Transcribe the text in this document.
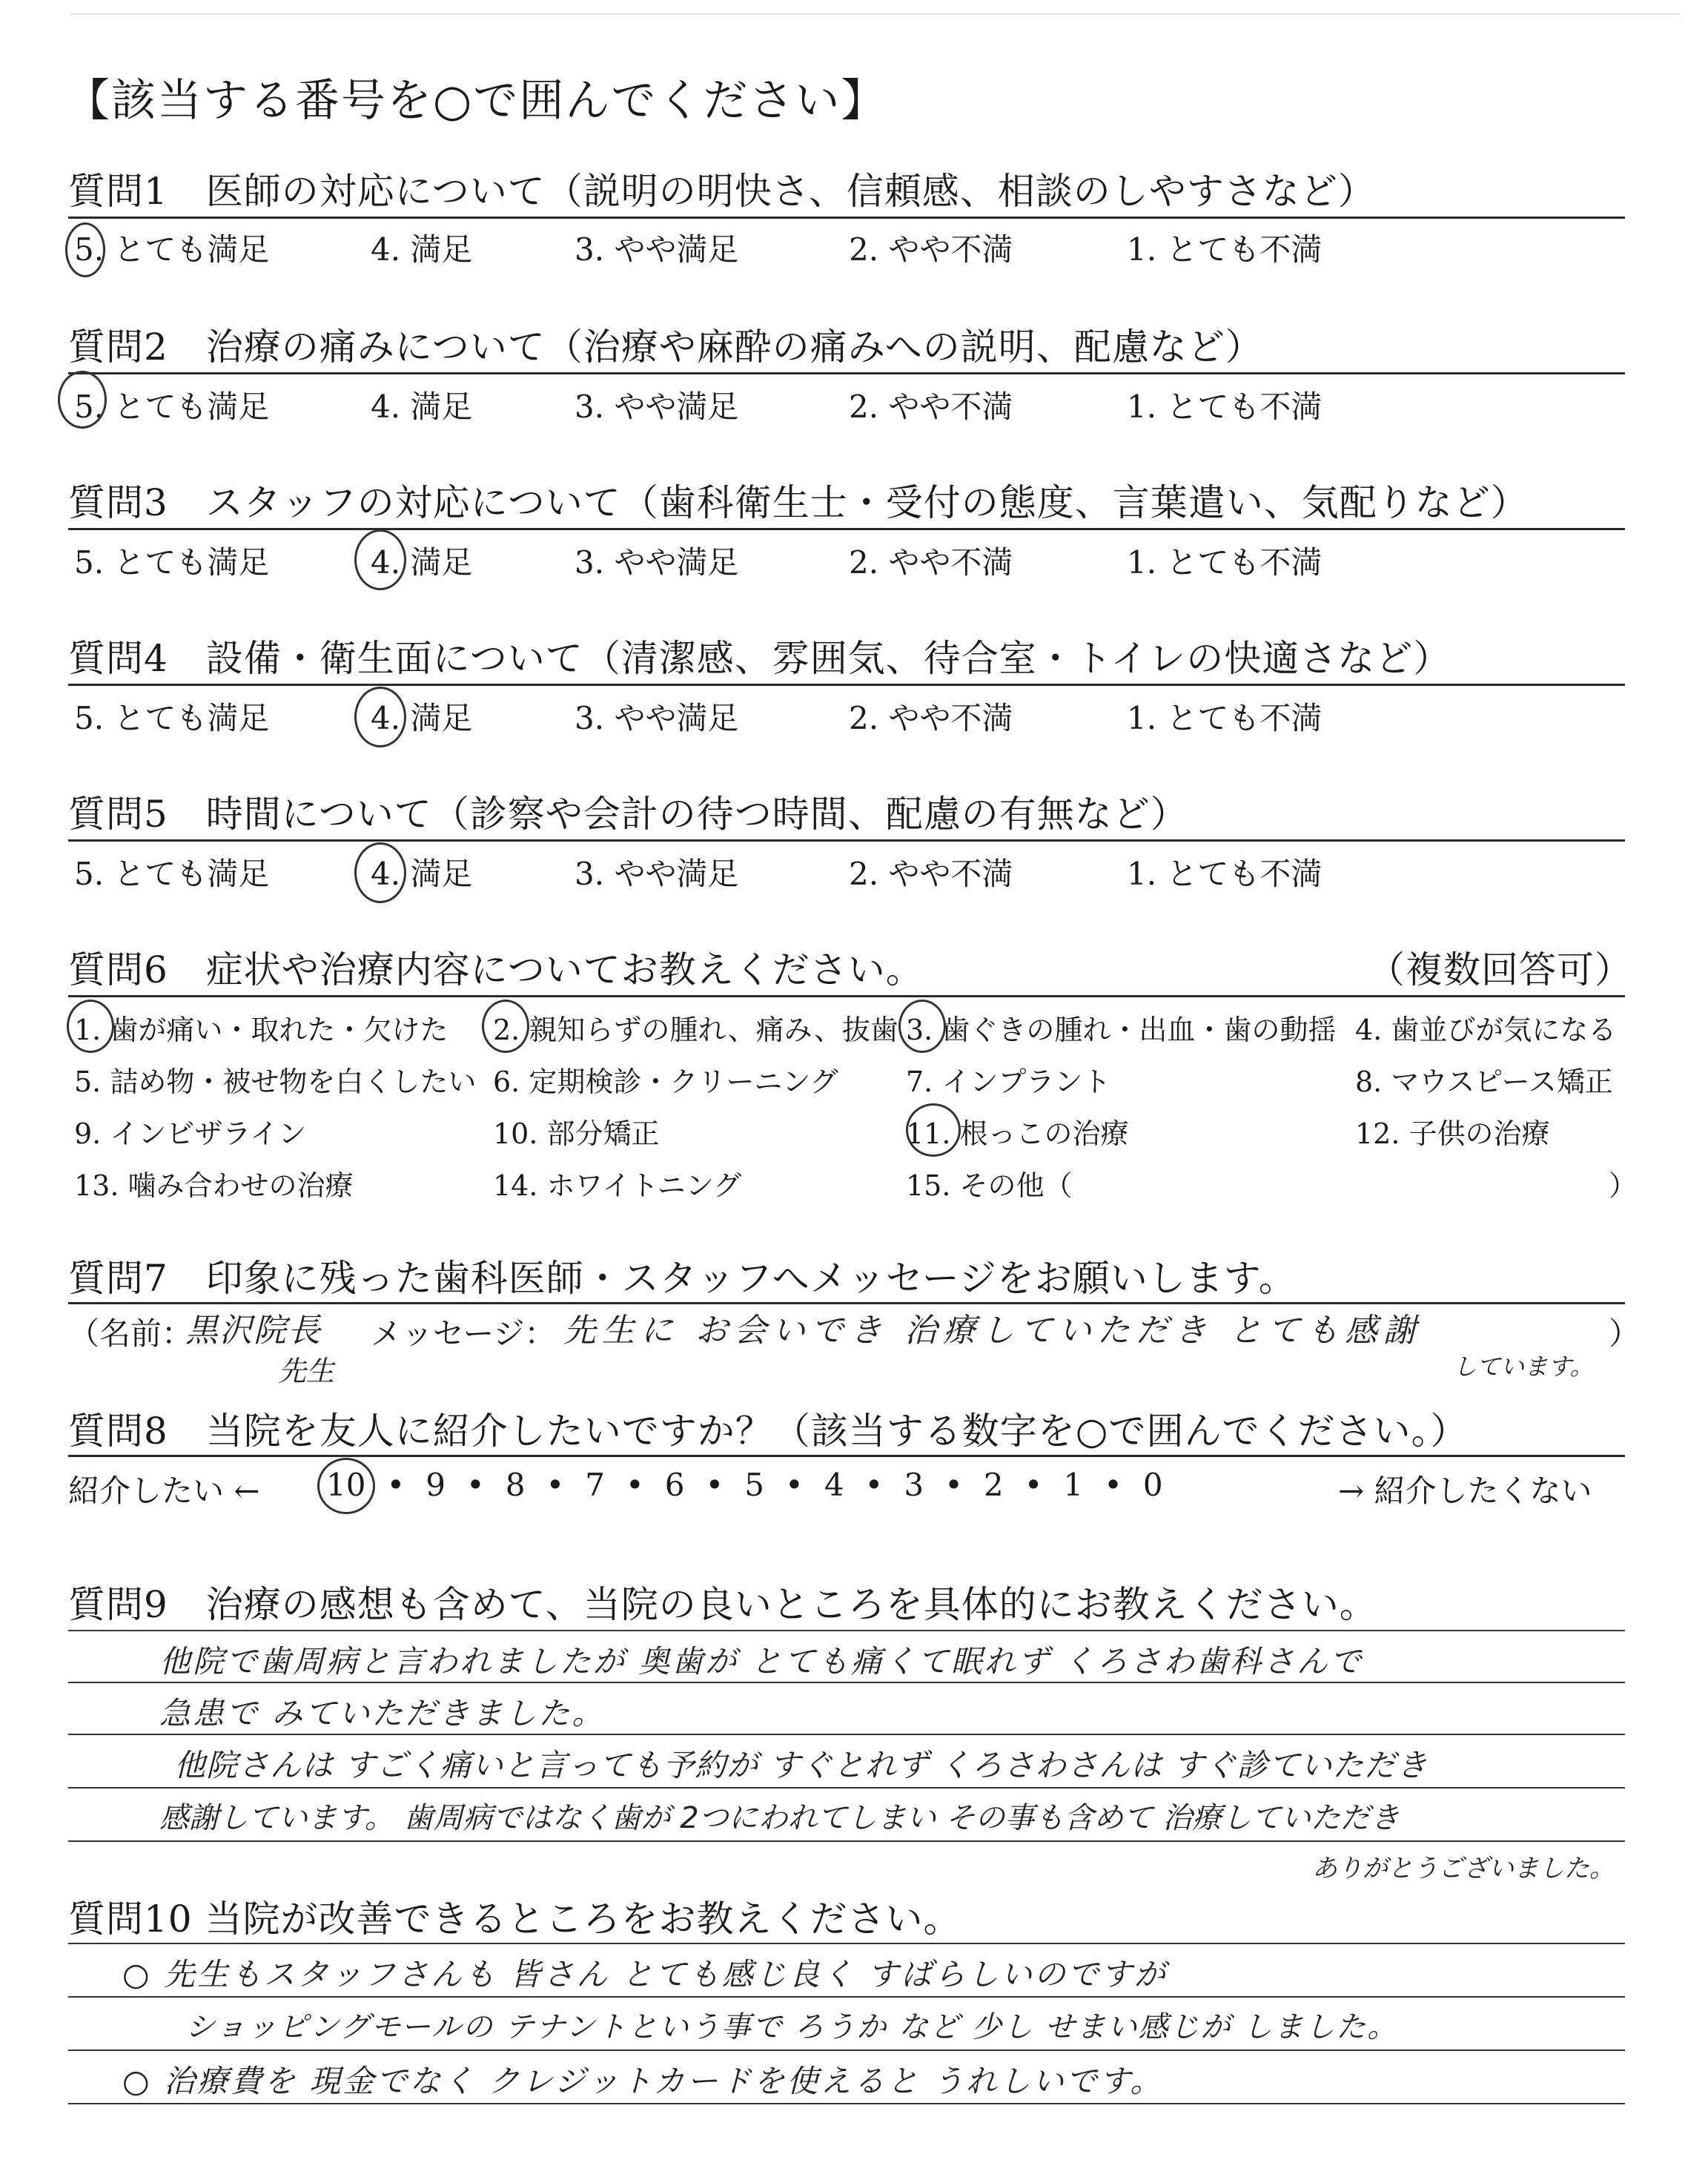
【該当する番号を○で囲んでください】
質問1　医師の対応について（説明の明快さ、信頼感、相談のしやすさなど）
5. とても満足	4. 満足	3. やや満足	2. やや不満	1. とても不満
質問2　治療の痛みについて（治療や麻酔の痛みへの説明、配慮など）
5. とても満足	4. 満足	3. やや満足	2. やや不満	1. とても不満
質問3　スタッフの対応について（歯科衛生士・受付の態度、言葉遣い、気配りなど）
5. とても満足	4. 満足	3. やや満足	2. やや不満	1. とても不満
質問4　設備・衛生面について（清潔感、雰囲気、待合室・トイレの快適さなど）
5. とても満足	4. 満足	3. やや満足	2. やや不満	1. とても不満
質問5　時間について（診察や会計の待つ時間、配慮の有無など）
5. とても満足	4. 満足	3. やや満足	2. やや不満	1. とても不満
質問6　症状や治療内容についてお教えください。	（複数回答可）
1. 歯が痛い・取れた・欠けた 2. 親知らずの腫れ、痛み、抜歯 3. 歯ぐきの腫れ・出血・歯の動揺 4. 歯並びが気になる
5. 詰め物・被せ物を白くしたい 6. 定期検診・クリーニング 7. インプラント	8. マウスピース矯正
9. インビザライン	10. 部分矯正	11. 根っこの治療	12. 子供の治療
13. 噛み合わせの治療	14. ホワイトニング	15. その他（	）
質問7　印象に残った歯科医師・スタッフへメッセージをお願いします。
（名前：
黒沢院長
先生
メッセージ： 先生に お会いでき 治療していただき とても感謝
しています。
）
質問8　当院を友人に紹介したいですか？（該当する数字を○で囲んでください。）
紹介したい ← 10 • 9 • 8 • 7 • 6 • 5 • 4 • 3 • 2 • 1 • 0	→ 紹介したくない
質問9　治療の感想も含めて、当院の良いところを具体的にお教えください。
他院で歯周病と言われましたが 奥歯が とても痛くて眠れず くろさわ歯科さんで
急患で みていただきました。
他院さんは すごく痛いと言っても予約が すぐとれず くろさわさんは すぐ診ていただき
感謝しています。 歯周病ではなく歯が 2つにわれてしまい その事も含めて 治療していただき
ありがとうございました。
質問10 当院が改善できるところをお教えください。
○ 先生もスタッフさんも 皆さん とても感じ良く すばらしいのですが
ショッピングモールの テナントという事で ろうか など 少し せまい感じが しました。
○ 治療費を 現金でなく クレジットカードを使えると うれしいです。
